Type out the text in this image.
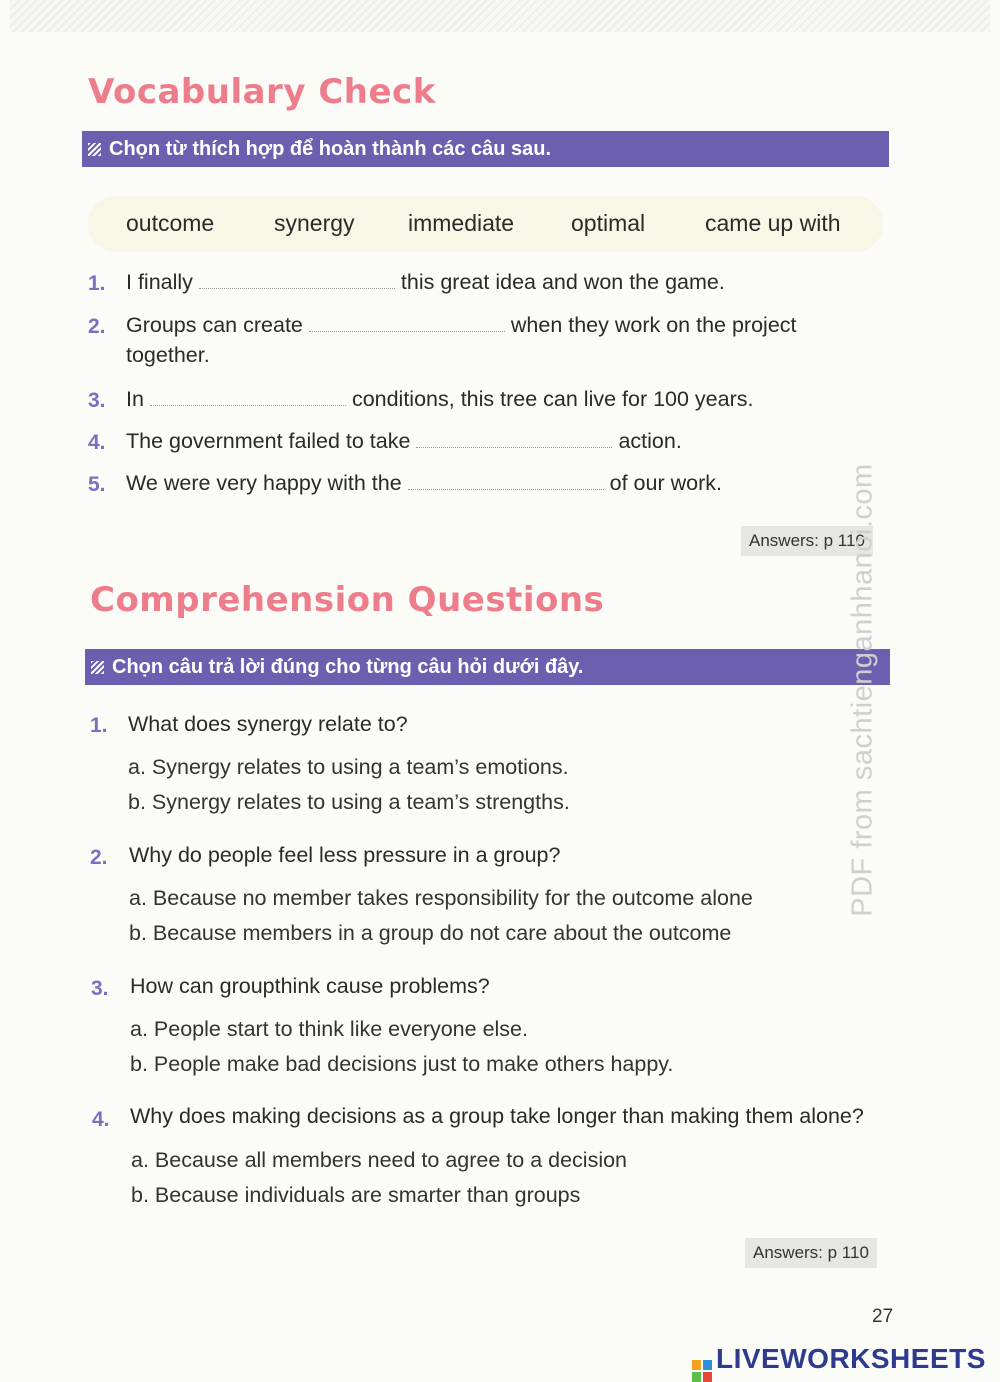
Vocabulary Check
Chọn từ thích hợp để hoàn thành các câu sau.
outcome	synergy immediate optimal	came up with
1. I finally	this great idea and won the game.
2. Groups can create	when they work on the project
together.
3. In	conditions, this tree can live for 100 years.
4. The government failed to take	action.
5. We were very happy with the	of our work.
Answers: p 110
Comprehension Questions
Chọn câu trả lời đúng cho từng câu hỏi dưới đây.
1. What does synergy relate to?
a. Synergy relates to using a team’s emotions.
b. Synergy relates to using a team’s strengths.
2. Why do people feel less pressure in a group?
a. Because no member takes responsibility for the outcome alone
b. Because members in a group do not care about the outcome
3. How can groupthink cause problems?
a. People start to think like everyone else.
b. People make bad decisions just to make others happy.
4. Why does making decisions as a group take longer than making them alone?
a. Because all members need to agree to a decision
b. Because individuals are smarter than groups
Answers: p 110
PDF from sachtienganhhanoi.com
27
LIVEWORKSHEETS
